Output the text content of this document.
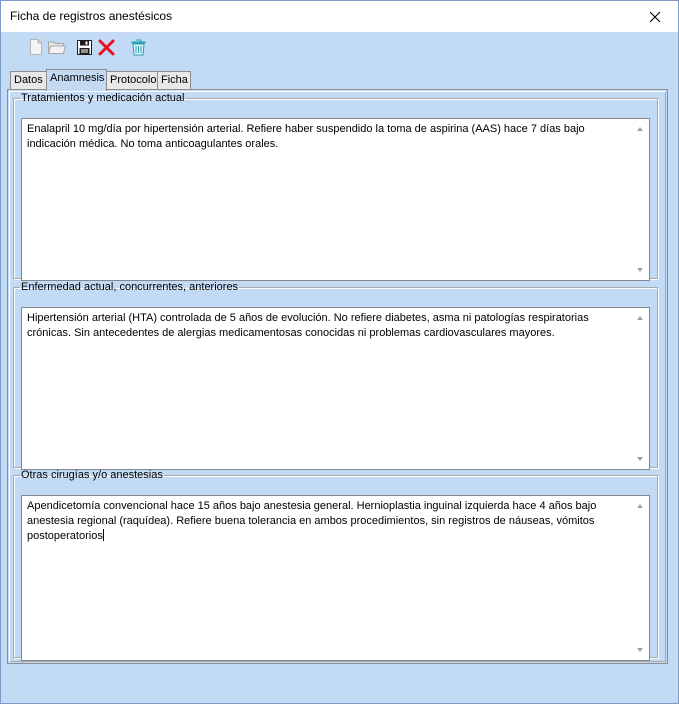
Ficha de registros anestésicos
Datos Anamnesis Protocolo Ficha
Tratamientos y medicación actual
Enalapril 10 mg/día por hipertensión arterial. Refiere haber suspendido la toma de aspirina (AAS) hace 7 días bajo indicación médica. No toma anticoagulantes orales.
Enfermedad actual, concurrentes, anteriores
Hipertensión arterial (HTA) controlada de 5 años de evolución. No refiere diabetes, asma ni patologías respiratorias crónicas. Sin antecedentes de alergias medicamentosas conocidas ni problemas cardiovasculares mayores.
Otras cirugías y/o anestesias
Apendicetomía convencional hace 15 años bajo anestesia general. Hernioplastia inguinal izquierda hace 4 años bajo anestesia regional (raquídea). Refiere buena tolerancia en ambos procedimientos, sin registros de náuseas, vómitos postoperatorios
